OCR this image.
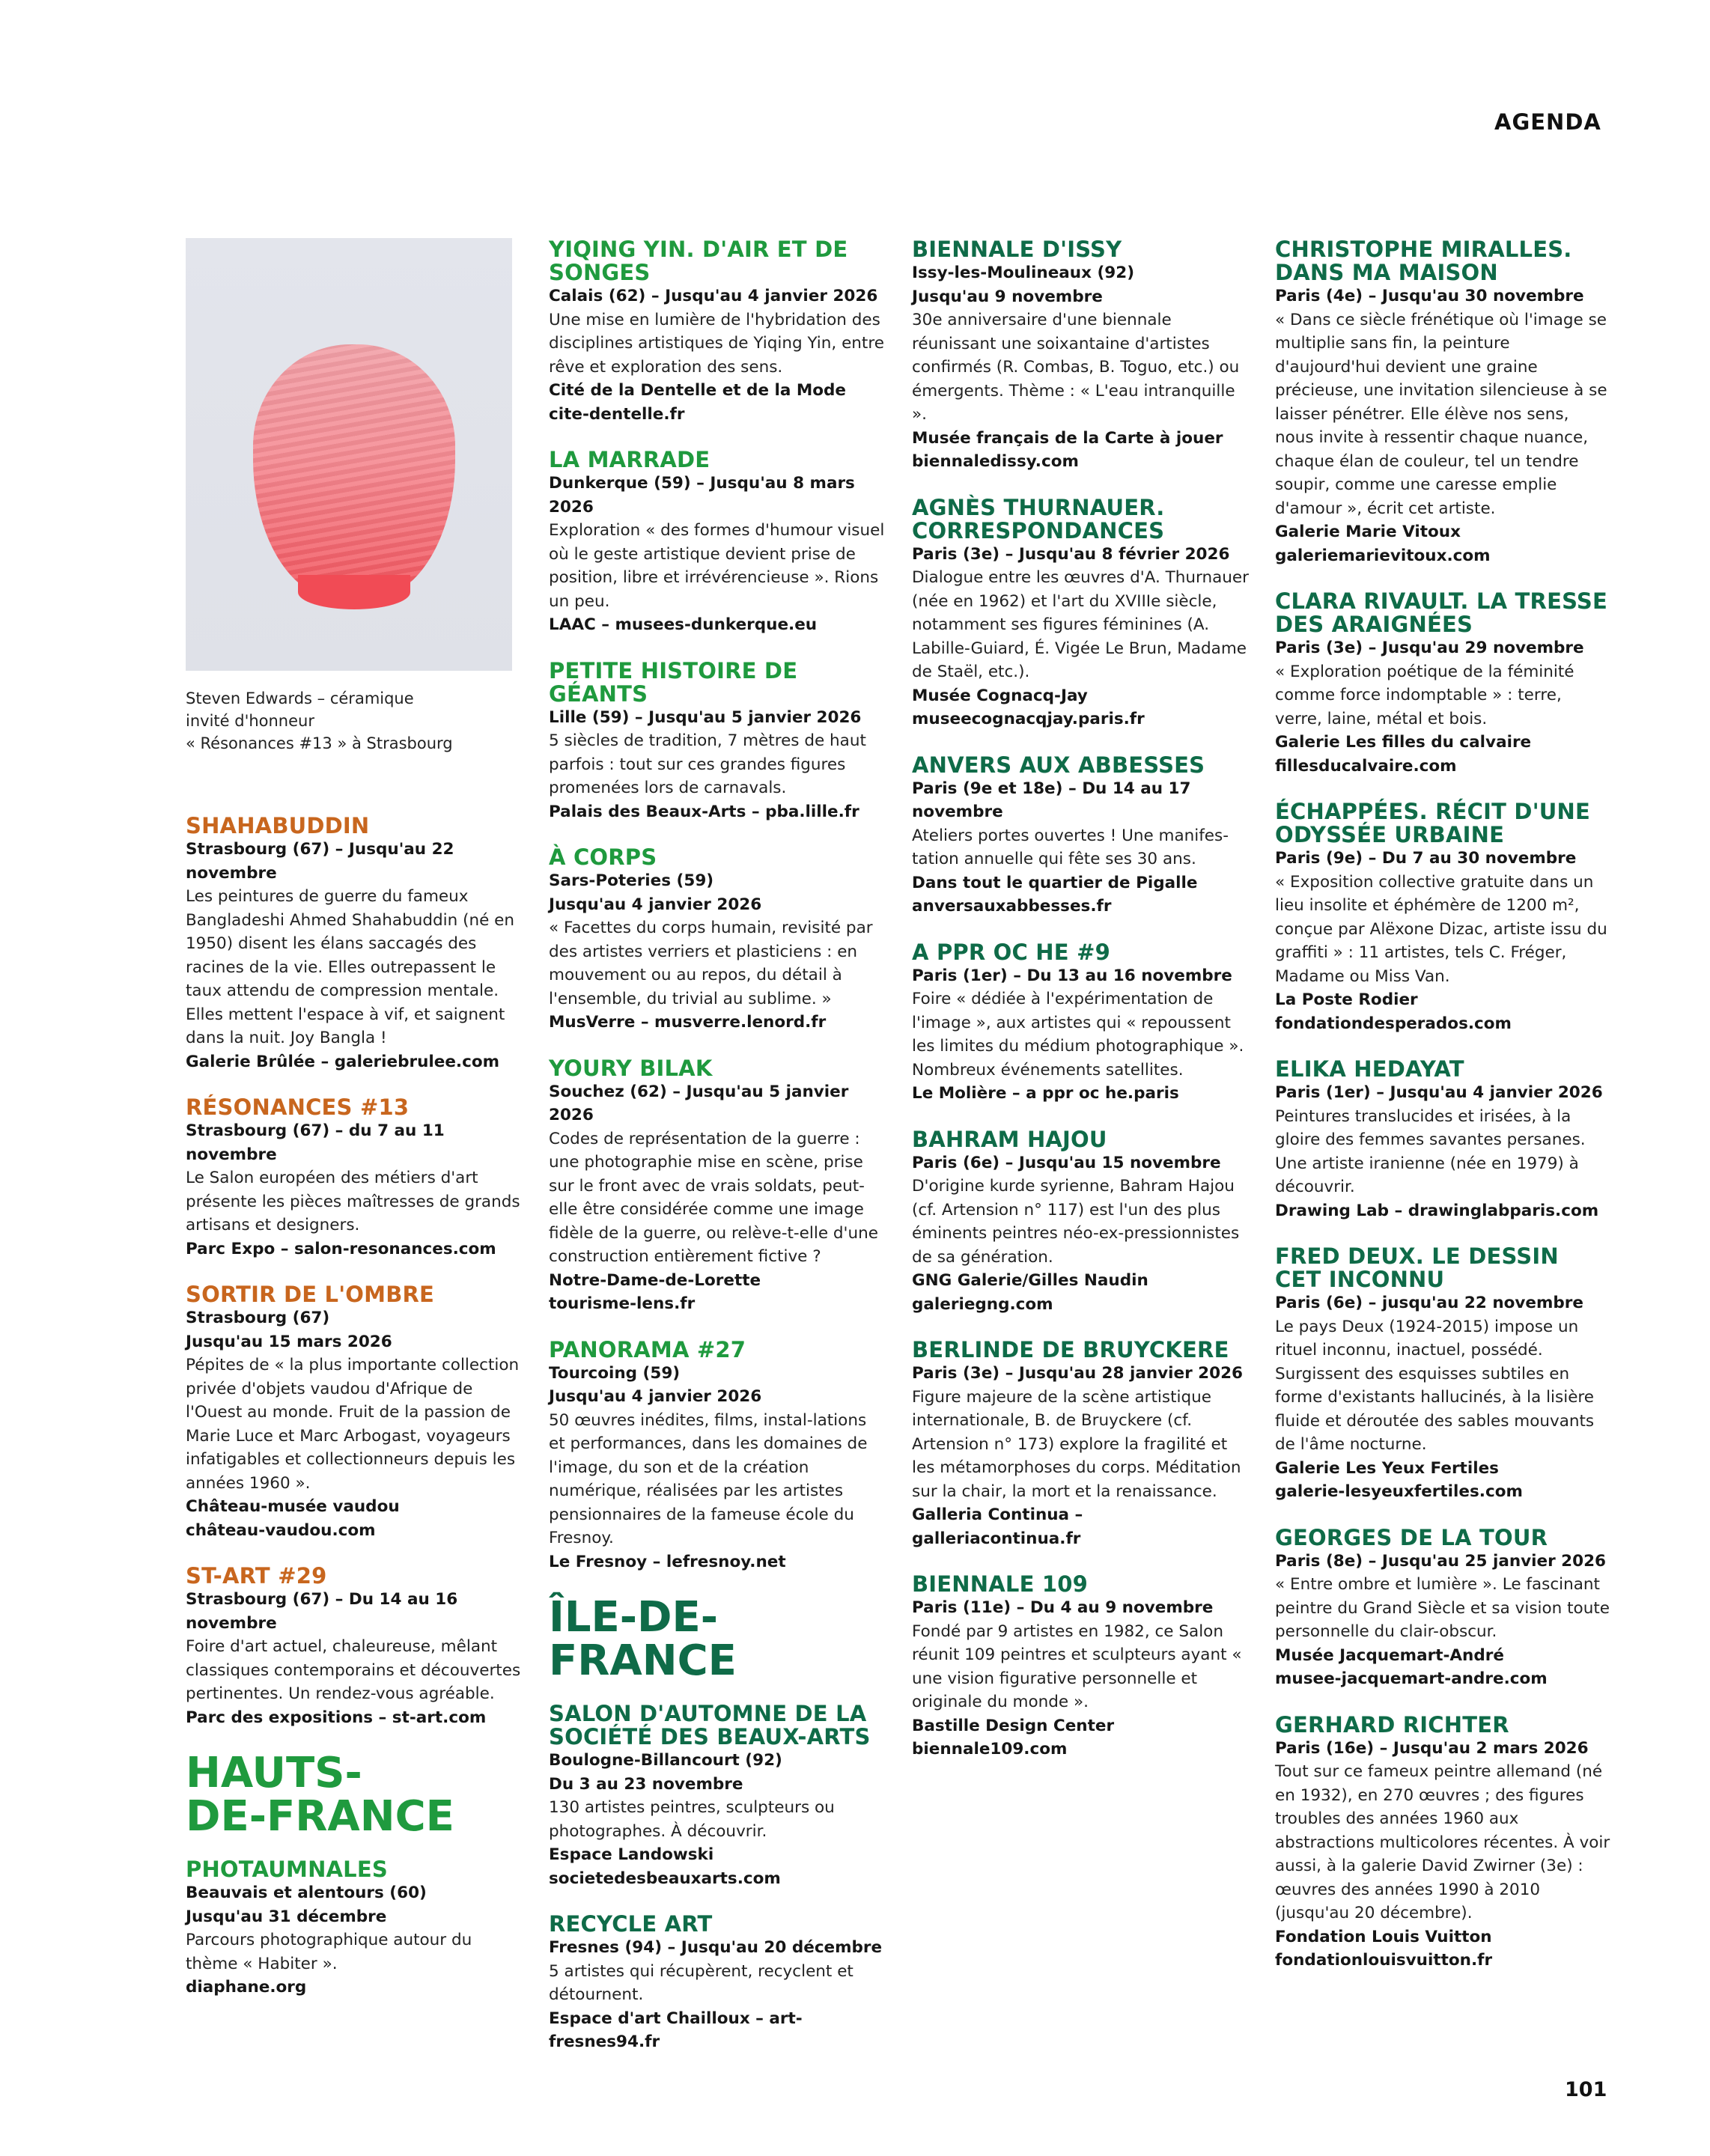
AGENDA
Steven Edwards – céramique
invité d'honneur
« Résonances #13 » à Strasbourg
SHAHABUDDIN
Strasbourg (67) – Jusqu'au 22 novembre
Les peintures de guerre du fameux Bangladeshi Ahmed Shahabuddin (né en 1950) disent les élans saccagés des racines de la vie. Elles outrepassent le taux attendu de compression mentale. Elles mettent l'espace à vif, et saignent dans la nuit. Joy Bangla !
Galerie Brûlée – galeriebrulee.com
RÉSONANCES #13
Strasbourg (67) – du 7 au 11 novembre
Le Salon européen des métiers d'art présente les pièces maîtresses de grands artisans et designers.
Parc Expo – salon-resonances.com
SORTIR DE L'OMBRE
Strasbourg (67)
Jusqu'au 15 mars 2026
Pépites de « la plus importante collection privée d'objets vaudou d'Afrique de l'Ouest au monde. Fruit de la passion de Marie Luce et Marc Arbogast, voyageurs infatigables et collectionneurs depuis les années 1960 ».
Château-musée vaudou
château-vaudou.com
ST-ART #29
Strasbourg (67) – Du 14 au 16 novembre
Foire d'art actuel, chaleureuse, mêlant classiques contemporains et découvertes pertinentes. Un rendez-vous agréable.
Parc des expositions – st-art.com
HAUTS-
DE-FRANCE
PHOTAUMNALES
Beauvais et alentours (60)
Jusqu'au 31 décembre
Parcours photographique autour du thème « Habiter ».
diaphane.org
YIQING YIN. D'AIR ET DE SONGES
Calais (62) – Jusqu'au 4 janvier 2026
Une mise en lumière de l'hybridation des disciplines artistiques de Yiqing Yin, entre rêve et exploration des sens.
Cité de la Dentelle et de la Mode
cite-dentelle.fr
LA MARRADE
Dunkerque (59) – Jusqu'au 8 mars 2026
Exploration « des formes d'humour visuel où le geste artistique devient prise de position, libre et irrévérencieuse ». Rions un peu.
LAAC – musees-dunkerque.eu
PETITE HISTOIRE DE GÉANTS
Lille (59) – Jusqu'au 5 janvier 2026
5 siècles de tradition, 7 mètres de haut parfois : tout sur ces grandes figures promenées lors de carnavals.
Palais des Beaux-Arts – pba.lille.fr
À CORPS
Sars-Poteries (59)
Jusqu'au 4 janvier 2026
« Facettes du corps humain, revisité par des artistes verriers et plasticiens : en mouvement ou au repos, du détail à l'ensemble, du trivial au sublime. »
MusVerre – musverre.lenord.fr
YOURY BILAK
Souchez (62) – Jusqu'au 5 janvier 2026
Codes de représentation de la guerre : une photographie mise en scène, prise sur le front avec de vrais soldats, peut-elle être considérée comme une image fidèle de la guerre, ou relève-t-elle d'une construction entièrement fictive ?
Notre-Dame-de-Lorette
tourisme-lens.fr
PANORAMA #27
Tourcoing (59)
Jusqu'au 4 janvier 2026
50 œuvres inédites, films, instal-lations et performances, dans les domaines de l'image, du son et de la création numérique, réalisées par les artistes pensionnaires de la fameuse école du Fresnoy.
Le Fresnoy – lefresnoy.net
ÎLE-DE-FRANCE
SALON D'AUTOMNE DE LA SOCIÉTÉ DES BEAUX-ARTS
Boulogne-Billancourt (92)
Du 3 au 23 novembre
130 artistes peintres, sculpteurs ou photographes. À découvrir.
Espace Landowski
societedesbeauxarts.com
RECYCLE ART
Fresnes (94) – Jusqu'au 20 décembre
5 artistes qui récupèrent, recyclent et détournent.
Espace d'art Chailloux – art-fresnes94.fr
BIENNALE D'ISSY
Issy-les-Moulineaux (92)
Jusqu'au 9 novembre
30e anniversaire d'une biennale réunissant une soixantaine d'artistes confirmés (R. Combas, B. Toguo, etc.) ou émergents. Thème : « L'eau intranquille ».
Musée français de la Carte à jouer
biennaledissy.com
AGNÈS THURNAUER. CORRESPONDANCES
Paris (3e) – Jusqu'au 8 février 2026
Dialogue entre les œuvres d'A. Thurnauer (née en 1962) et l'art du XVIIIe siècle, notamment ses figures féminines (A. Labille-Guiard, É. Vigée Le Brun, Madame de Staël, etc.).
Musée Cognacq-Jay
museecognacqjay.paris.fr
ANVERS AUX ABBESSES
Paris (9e et 18e) – Du 14 au 17 novembre
Ateliers portes ouvertes ! Une manifes-tation annuelle qui fête ses 30 ans.
Dans tout le quartier de Pigalle
anversauxabbesses.fr
A PPR OC HE #9
Paris (1er) – Du 13 au 16 novembre
Foire « dédiée à l'expérimentation de l'image », aux artistes qui « repoussent les limites du médium photographique ». Nombreux événements satellites.
Le Molière – a ppr oc he.paris
BAHRAM HAJOU
Paris (6e) – Jusqu'au 15 novembre
D'origine kurde syrienne, Bahram Hajou (cf. Artension n° 117) est l'un des plus éminents peintres néo-ex-pressionnistes de sa génération.
GNG Galerie/Gilles Naudin
galeriegng.com
BERLINDE DE BRUYCKERE
Paris (3e) – Jusqu'au 28 janvier 2026
Figure majeure de la scène artistique internationale, B. de Bruyckere (cf. Artension n° 173) explore la fragilité et les métamorphoses du corps. Méditation sur la chair, la mort et la renaissance.
Galleria Continua – galleriacontinua.fr
BIENNALE 109
Paris (11e) – Du 4 au 9 novembre
Fondé par 9 artistes en 1982, ce Salon réunit 109 peintres et sculpteurs ayant « une vision figurative personnelle et originale du monde ».
Bastille Design Center
biennale109.com
CHRISTOPHE MIRALLES. DANS MA MAISON
Paris (4e) – Jusqu'au 30 novembre
« Dans ce siècle frénétique où l'image se multiplie sans fin, la peinture d'aujourd'hui devient une graine précieuse, une invitation silencieuse à se laisser pénétrer. Elle élève nos sens, nous invite à ressentir chaque nuance, chaque élan de couleur, tel un tendre soupir, comme une caresse emplie d'amour », écrit cet artiste.
Galerie Marie Vitoux
galeriemarievitoux.com
CLARA RIVAULT. LA TRESSE DES ARAIGNÉES
Paris (3e) – Jusqu'au 29 novembre
« Exploration poétique de la féminité comme force indomptable » : terre, verre, laine, métal et bois.
Galerie Les filles du calvaire
fillesducalvaire.com
ÉCHAPPÉES. RÉCIT D'UNE ODYSSÉE URBAINE
Paris (9e) – Du 7 au 30 novembre
« Exposition collective gratuite dans un lieu insolite et éphémère de 1200 m², conçue par Alëxone Dizac, artiste issu du graffiti » : 11 artistes, tels C. Fréger, Madame ou Miss Van.
La Poste Rodier
fondationdesperados.com
ELIKA HEDAYAT
Paris (1er) – Jusqu'au 4 janvier 2026
Peintures translucides et irisées, à la gloire des femmes savantes persanes. Une artiste iranienne (née en 1979) à découvrir.
Drawing Lab – drawinglabparis.com
FRED DEUX. LE DESSIN CET INCONNU
Paris (6e) – jusqu'au 22 novembre
Le pays Deux (1924-2015) impose un rituel inconnu, inactuel, possédé. Surgissent des esquisses subtiles en forme d'existants hallucinés, à la lisière fluide et déroutée des sables mouvants de l'âme nocturne.
Galerie Les Yeux Fertiles
galerie-lesyeuxfertiles.com
GEORGES DE LA TOUR
Paris (8e) – Jusqu'au 25 janvier 2026
« Entre ombre et lumière ». Le fascinant peintre du Grand Siècle et sa vision toute personnelle du clair-obscur.
Musée Jacquemart-André
musee-jacquemart-andre.com
GERHARD RICHTER
Paris (16e) – Jusqu'au 2 mars 2026
Tout sur ce fameux peintre allemand (né en 1932), en 270 œuvres ; des figures troubles des années 1960 aux abstractions multicolores récentes. À voir aussi, à la galerie David Zwirner (3e) : œuvres des années 1990 à 2010 (jusqu'au 20 décembre).
Fondation Louis Vuitton
fondationlouisvuitton.fr
101
